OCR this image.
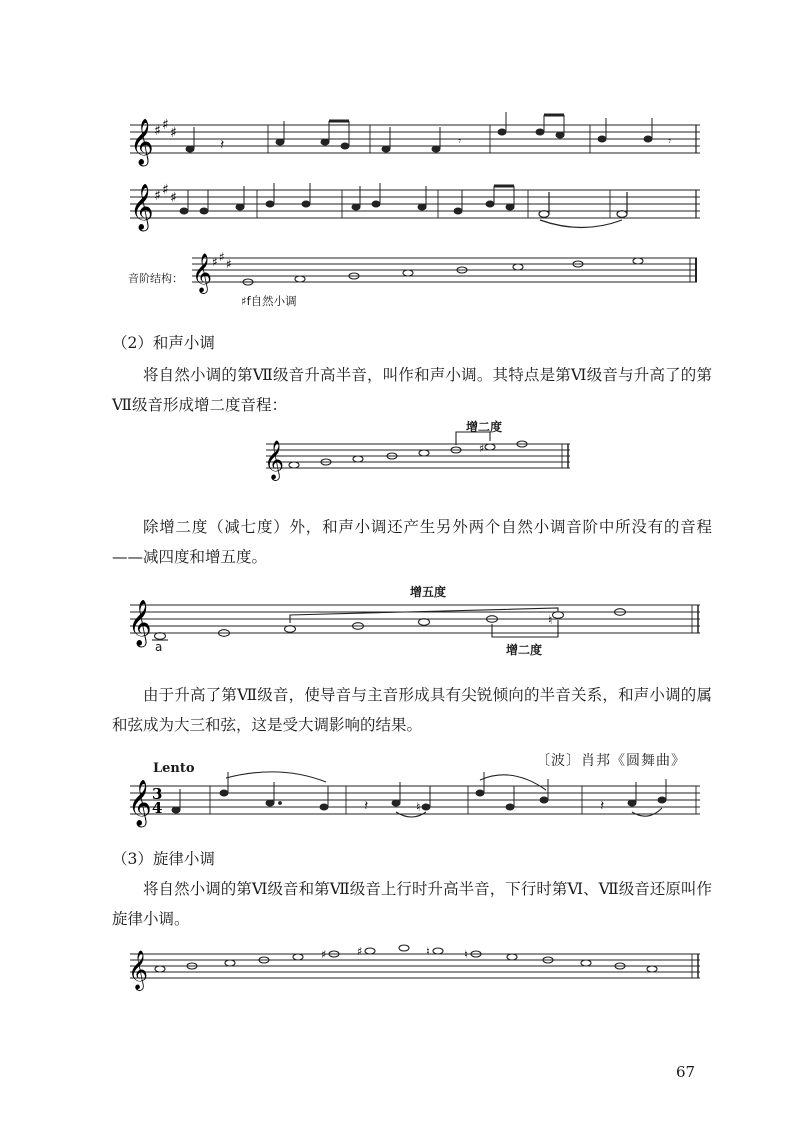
𝄞 ♯ ♯ ♯
𝄽	𝄾	𝄾
𝄞 ♯ ♯ ♯
音阶结构： 𝄞 ♯ ♯ ♯
♯f自然小调
（2）和声小调
将自然小调的第Ⅶ级音升高半音，叫作和声小调。其特点是第Ⅵ级音与升高了的第Ⅶ级音形成增二度音程：
增二度
𝄞	♯
除增二度（减七度）外，和声小调还产生另外两个自然小调音阶中所没有的音程——减四度和增五度。
增五度
𝄞	♮
a	增二度
由于升高了第Ⅶ级音，使导音与主音形成具有尖锐倾向的半音关系，和声小调的属和弦成为大三和弦，这是受大调影响的结果。
〔波〕肖邦《圆舞曲》
Lento
𝄞 3
4	𝄽	𝄽
♮
（3）旋律小调
将自然小调的第Ⅵ级音和第Ⅶ级音上行时升高半音，下行时第Ⅵ、Ⅶ级音还原叫作旋律小调。
𝄞	♯	♯	♮	♮
67
